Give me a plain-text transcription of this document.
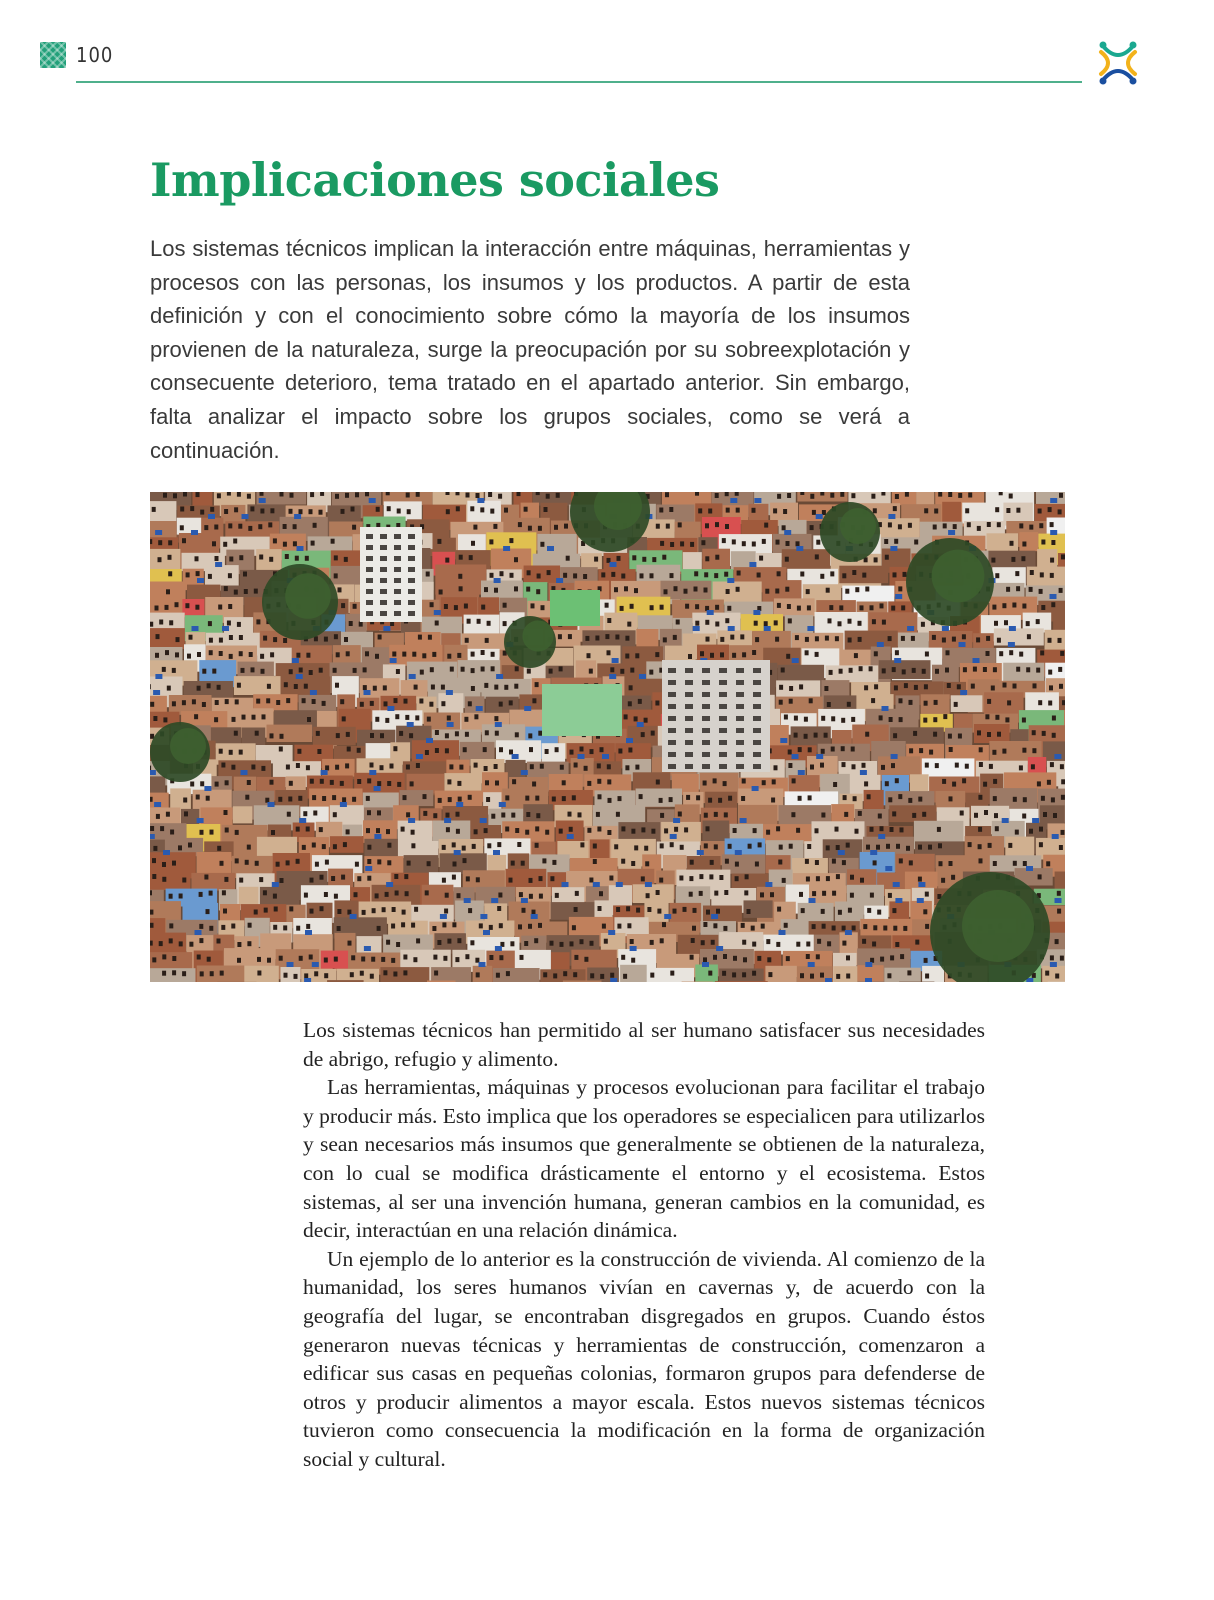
100
Implicaciones sociales

Los sistemas técnicos implican la interacción entre máquinas, herramientas y procesos con las personas, los insumos y los productos. A partir de esta definición y con el conocimiento sobre cómo la mayoría de los insumos provienen de la naturaleza, surge la preocupación por su sobreexplotación y consecuente deterioro, tema tratado en el apartado anterior. Sin embargo, falta analizar el impacto sobre los grupos sociales, como se verá a continuación.

Los sistemas técnicos han permitido al ser humano satisfacer sus necesidades de abrigo, refugio y alimento.

Las herramientas, máquinas y procesos evolucionan para facilitar el trabajo y producir más. Esto implica que los operadores se especialicen para utilizarlos y sean necesarios más insumos que generalmente se obtienen de la naturaleza, con lo cual se modifica drásticamente el entorno y el ecosistema. Estos sistemas, al ser una invención humana, generan cambios en la comunidad, es decir, interactúan en una relación dinámica.

Un ejemplo de lo anterior es la construcción de vivienda. Al comienzo de la humanidad, los seres humanos vivían en cavernas y, de acuerdo con la geografía del lugar, se encontraban disgregados en grupos. Cuando éstos generaron nuevas técnicas y herramientas de construcción, comenzaron a edificar sus casas en pequeñas colonias, formaron grupos para defenderse de otros y producir alimentos a mayor escala. Estos nuevos sistemas técnicos tuvieron como consecuencia la modificación en la forma de organización social y cultural.
